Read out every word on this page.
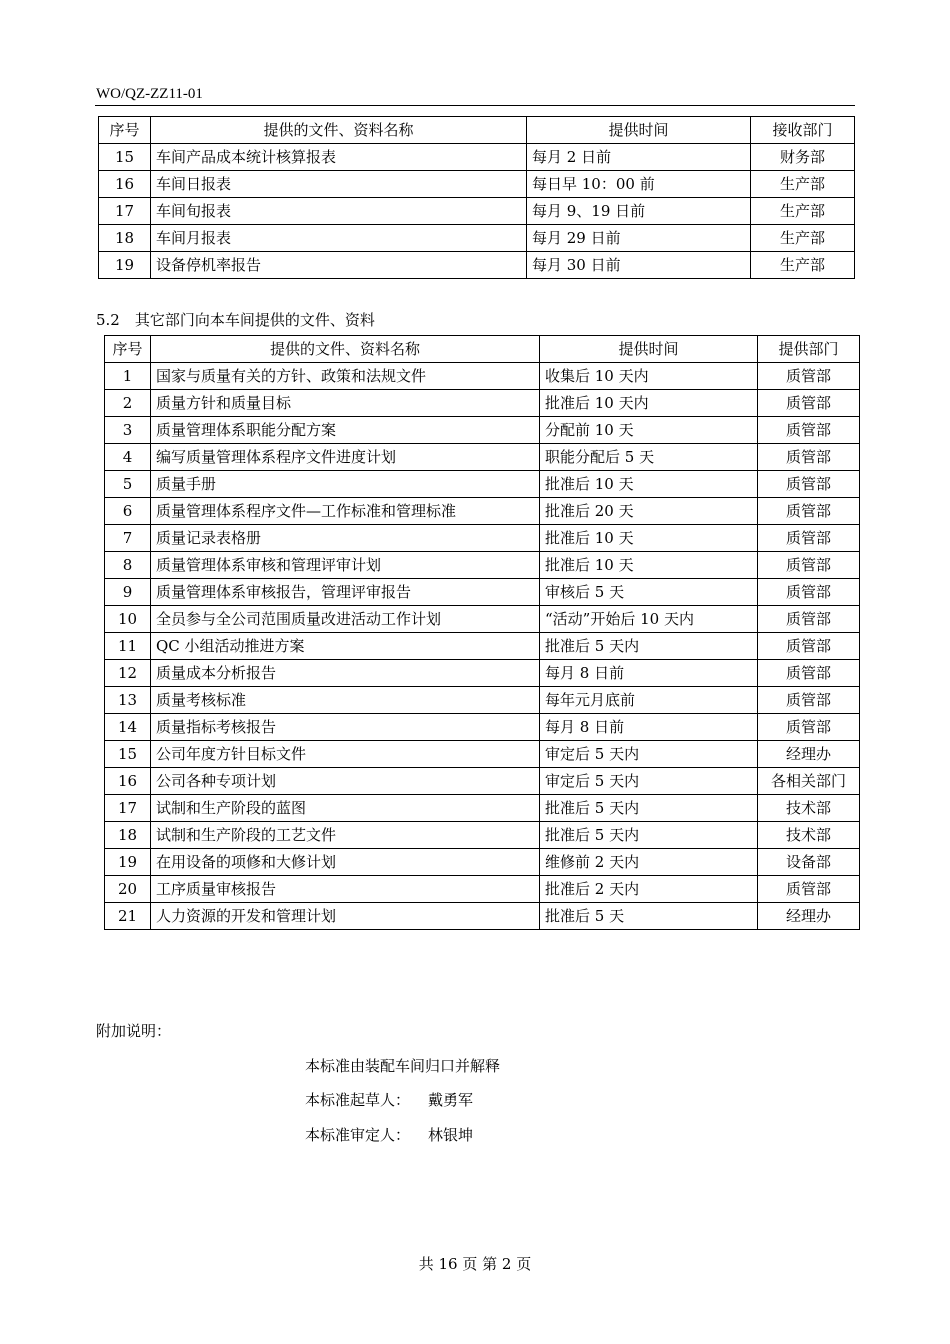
WO/QZ-ZZ11-01
序号	提供的文件、资料名称	提供时间	接收部门
15	车间产品成本统计核算报表	每月 2 日前	财务部
16	车间日报表	每日早 10：00 前	生产部
17	车间旬报表	每月 9、19 日前	生产部
18	车间月报表	每月 29 日前	生产部
19	设备停机率报告	每月 30 日前	生产部
5.2　其它部门向本车间提供的文件、资料
序号	提供的文件、资料名称	提供时间	提供部门
1	国家与质量有关的方针、政策和法规文件	收集后 10 天内	质管部
2	质量方针和质量目标	批准后 10 天内	质管部
3	质量管理体系职能分配方案	分配前 10 天	质管部
4	编写质量管理体系程序文件进度计划	职能分配后 5 天	质管部
5	质量手册	批准后 10 天	质管部
6	质量管理体系程序文件—工作标准和管理标准	批准后 20 天	质管部
7	质量记录表格册	批准后 10 天	质管部
8	质量管理体系审核和管理评审计划	批准后 10 天	质管部
9	质量管理体系审核报告，管理评审报告	审核后 5 天	质管部
10	全员参与全公司范围质量改进活动工作计划	“活动”开始后 10 天内	质管部
11	QC 小组活动推进方案	批准后 5 天内	质管部
12	质量成本分析报告	每月 8 日前	质管部
13	质量考核标准	每年元月底前	质管部
14	质量指标考核报告	每月 8 日前	质管部
15	公司年度方针目标文件	审定后 5 天内	经理办
16	公司各种专项计划	审定后 5 天内	各相关部门
17	试制和生产阶段的蓝图	批准后 5 天内	技术部
18	试制和生产阶段的工艺文件	批准后 5 天内	技术部
19	在用设备的项修和大修计划	维修前 2 天内	设备部
20	工序质量审核报告	批准后 2 天内	质管部
21	人力资源的开发和管理计划	批准后 5 天	经理办
附加说明：
本标准由装配车间归口并解释
本标准起草人： 戴勇军
本标准审定人： 林银坤
共 16 页 第 2 页
